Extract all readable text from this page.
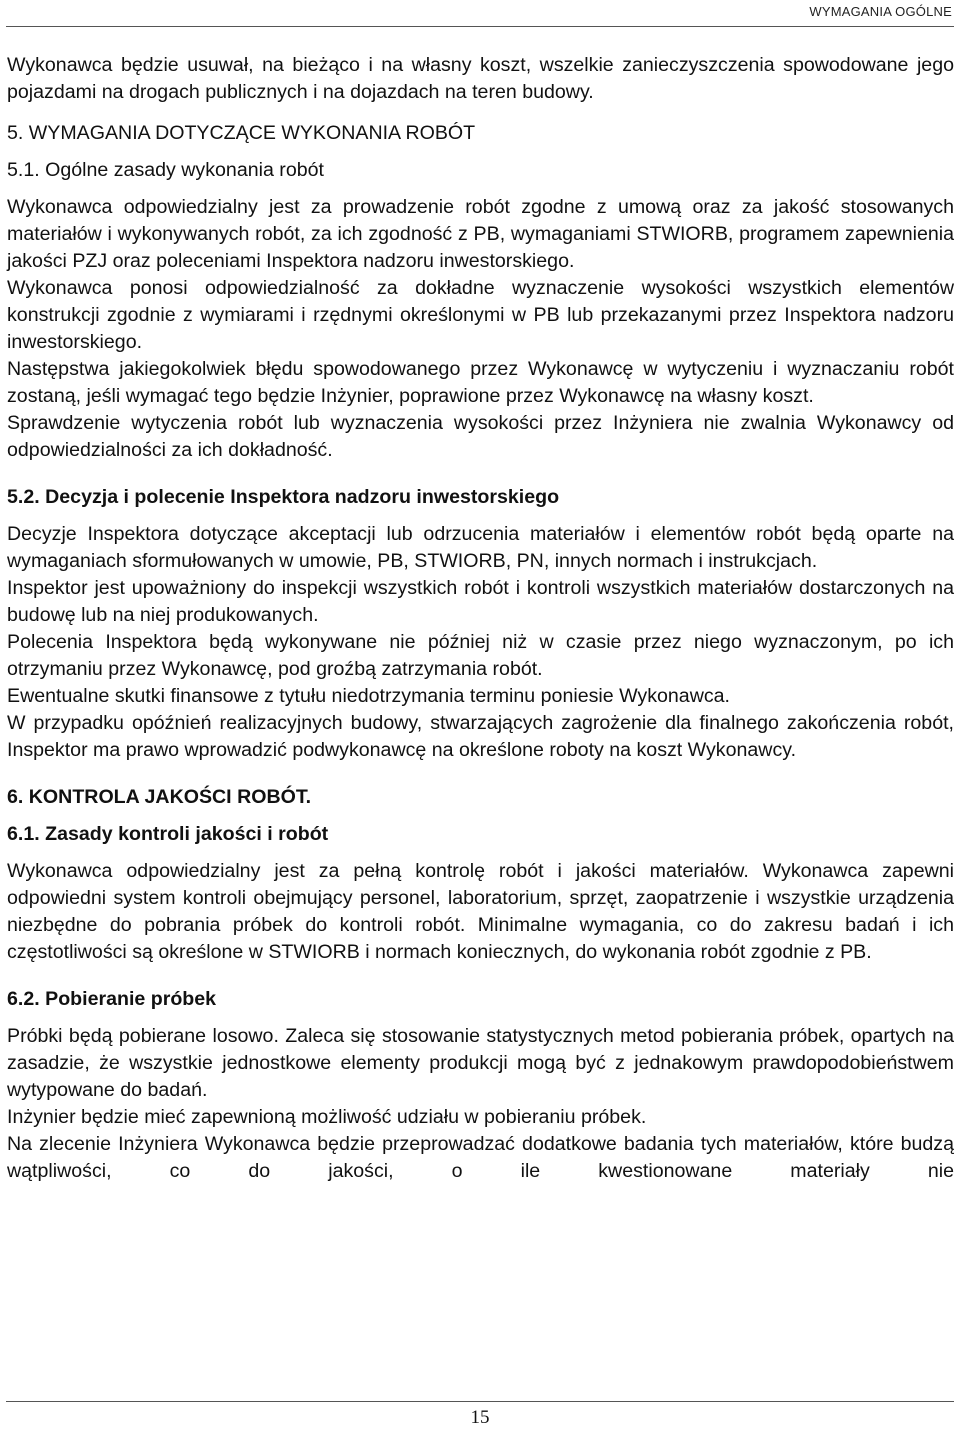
WYMAGANIA OGÓLNE

Wykonawca będzie usuwał, na bieżąco i na własny koszt, wszelkie zanieczyszczenia spowodowane jego pojazdami na drogach publicznych i na dojazdach na teren budowy.

5. WYMAGANIA DOTYCZĄCE WYKONANIA ROBÓT
5.1. Ogólne zasady wykonania robót

Wykonawca odpowiedzialny jest za prowadzenie robót zgodne z umową oraz za jakość stosowanych materiałów i wykonywanych robót, za ich zgodność z PB, wymaganiami STWIORB, programem zapewnienia jakości PZJ oraz poleceniami Inspektora nadzoru inwestorskiego.

Wykonawca ponosi odpowiedzialność za dokładne wyznaczenie wysokości wszystkich elementów konstrukcji zgodnie z wymiarami i rzędnymi określonymi w PB lub przekazanymi przez Inspektora nadzoru inwestorskiego.

Następstwa jakiegokolwiek błędu spowodowanego przez Wykonawcę w wytyczeniu i wyznaczaniu robót zostaną, jeśli wymagać tego będzie Inżynier, poprawione przez Wykonawcę na własny koszt.

Sprawdzenie wytyczenia robót lub wyznaczenia wysokości przez Inżyniera nie zwalnia Wykonawcy od odpowiedzialności za ich dokładność.

5.2. Decyzja i polecenie Inspektora nadzoru inwestorskiego

Decyzje Inspektora dotyczące akceptacji lub odrzucenia materiałów i elementów robót będą oparte na wymaganiach sformułowanych w umowie, PB, STWIORB, PN, innych normach i instrukcjach.

Inspektor jest upoważniony do inspekcji wszystkich robót i kontroli wszystkich materiałów dostarczonych na budowę lub na niej produkowanych.

Polecenia Inspektora będą wykonywane nie później niż w czasie przez niego wyznaczonym, po ich otrzymaniu przez Wykonawcę, pod groźbą zatrzymania robót.

Ewentualne skutki finansowe z tytułu niedotrzymania terminu poniesie Wykonawca.

W przypadku opóźnień realizacyjnych budowy, stwarzających zagrożenie dla finalnego zakończenia robót, Inspektor ma prawo wprowadzić podwykonawcę na określone roboty na koszt Wykonawcy.

6. KONTROLA JAKOŚCI ROBÓT.
6.1. Zasady kontroli jakości i robót

Wykonawca odpowiedzialny jest za pełną kontrolę robót i jakości materiałów. Wykonawca zapewni odpowiedni system kontroli obejmujący personel, laboratorium, sprzęt, zaopatrzenie i wszystkie urządzenia niezbędne do pobrania próbek do kontroli robót. Minimalne wymagania, co do zakresu badań i ich częstotliwości są określone w STWIORB i normach koniecznych, do wykonania robót zgodnie z PB.

6.2. Pobieranie próbek

Próbki będą pobierane losowo. Zaleca się stosowanie statystycznych metod pobierania próbek, opartych na zasadzie, że wszystkie jednostkowe elementy produkcji mogą być z jednakowym prawdopodobieństwem wytypowane do badań.

Inżynier będzie mieć zapewnioną możliwość udziału w pobieraniu próbek.

Na zlecenie Inżyniera Wykonawca będzie przeprowadzać dodatkowe badania tych materiałów, które budzą wątpliwości, co do jakości, o ile kwestionowane materiały nie

15
